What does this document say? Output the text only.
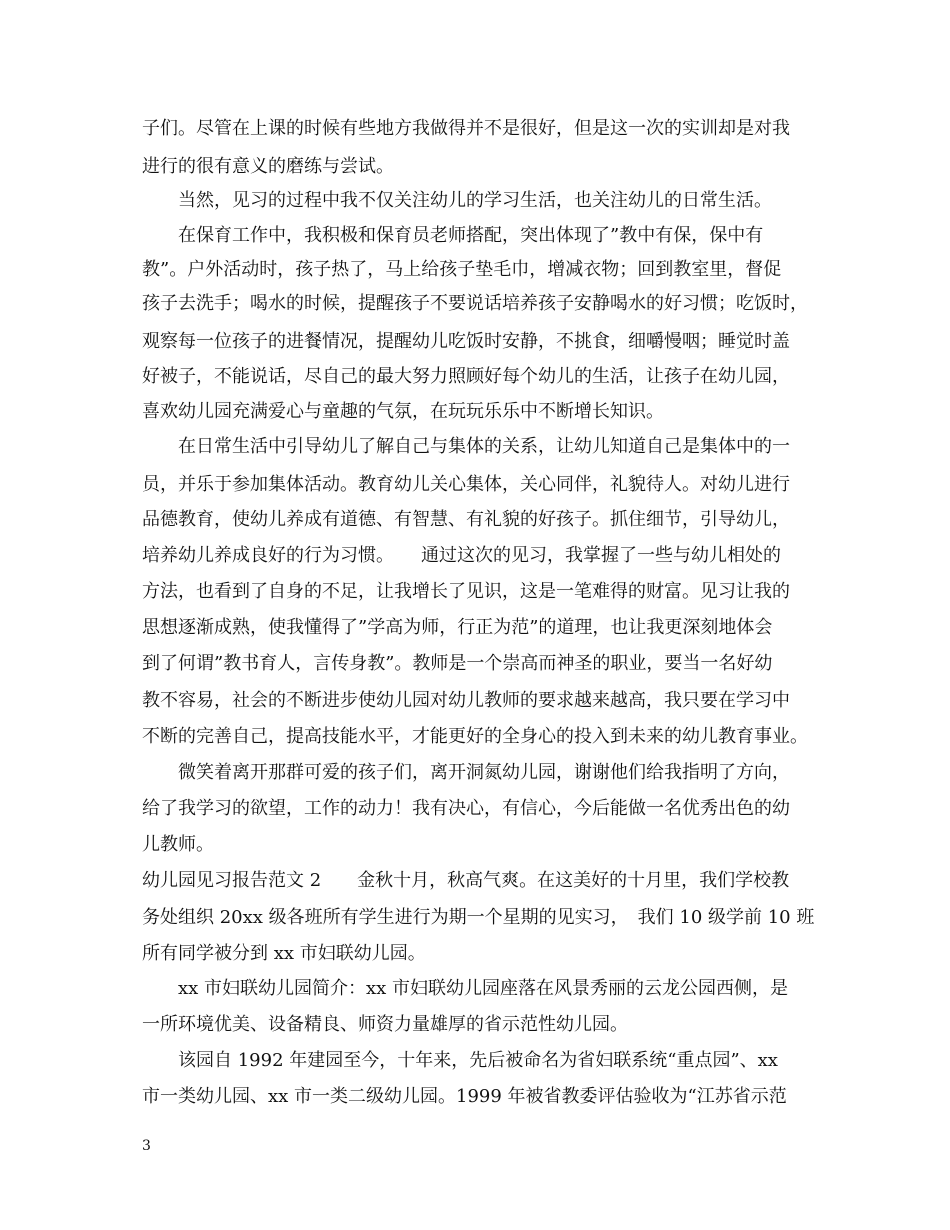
子们。尽管在上课的时候有些地方我做得并不是很好，但是这一次的实训却是对我
进行的很有意义的磨练与尝试。
　　当然，见习的过程中我不仅关注幼儿的学习生活，也关注幼儿的日常生活。
　　在保育工作中，我积极和保育员老师搭配，突出体现了”教中有保，保中有
教”。户外活动时，孩子热了，马上给孩子垫毛巾，增减衣物；回到教室里，督促
孩子去洗手；喝水的时候，提醒孩子不要说话培养孩子安静喝水的好习惯；吃饭时，
观察每一位孩子的进餐情况，提醒幼儿吃饭时安静，不挑食，细嚼慢咽；睡觉时盖
好被子，不能说话，尽自己的最大努力照顾好每个幼儿的生活，让孩子在幼儿园，
喜欢幼儿园充满爱心与童趣的气氛，在玩玩乐乐中不断增长知识。
　　在日常生活中引导幼儿了解自己与集体的关系，让幼儿知道自己是集体中的一
员，并乐于参加集体活动。教育幼儿关心集体，关心同伴，礼貌待人。对幼儿进行
品德教育，使幼儿养成有道德、有智慧、有礼貌的好孩子。抓住细节，引导幼儿，
培养幼儿养成良好的行为习惯。　　通过这次的见习，我掌握了一些与幼儿相处的
方法，也看到了自身的不足，让我增长了见识，这是一笔难得的财富。见习让我的
思想逐渐成熟，使我懂得了”学高为师，行正为范”的道理，也让我更深刻地体会
到了何谓”教书育人，言传身教”。教师是一个崇高而神圣的职业，要当一名好幼
教不容易，社会的不断进步使幼儿园对幼儿教师的要求越来越高，我只要在学习中
不断的完善自己，提高技能水平，才能更好的全身心的投入到未来的幼儿教育事业。
　　微笑着离开那群可爱的孩子们，离开洞氮幼儿园，谢谢他们给我指明了方向，
给了我学习的欲望，工作的动力！我有决心，有信心，今后能做一名优秀出色的幼
儿教师。
幼儿园见习报告范文 2　　金秋十月，秋高气爽。在这美好的十月里，我们学校教
务处组织 20xx 级各班所有学生进行为期一个星期的见实习，　我们 10 级学前 10 班
所有同学被分到 xx 市妇联幼儿园。
　　xx 市妇联幼儿园简介：xx 市妇联幼儿园座落在风景秀丽的云龙公园西侧，是
一所环境优美、设备精良、师资力量雄厚的省示范性幼儿园。
　　该园自 1992 年建园至今，十年来，先后被命名为省妇联系统“重点园”、xx
市一类幼儿园、xx 市一类二级幼儿园。1999 年被省教委评估验收为“江苏省示范
3
